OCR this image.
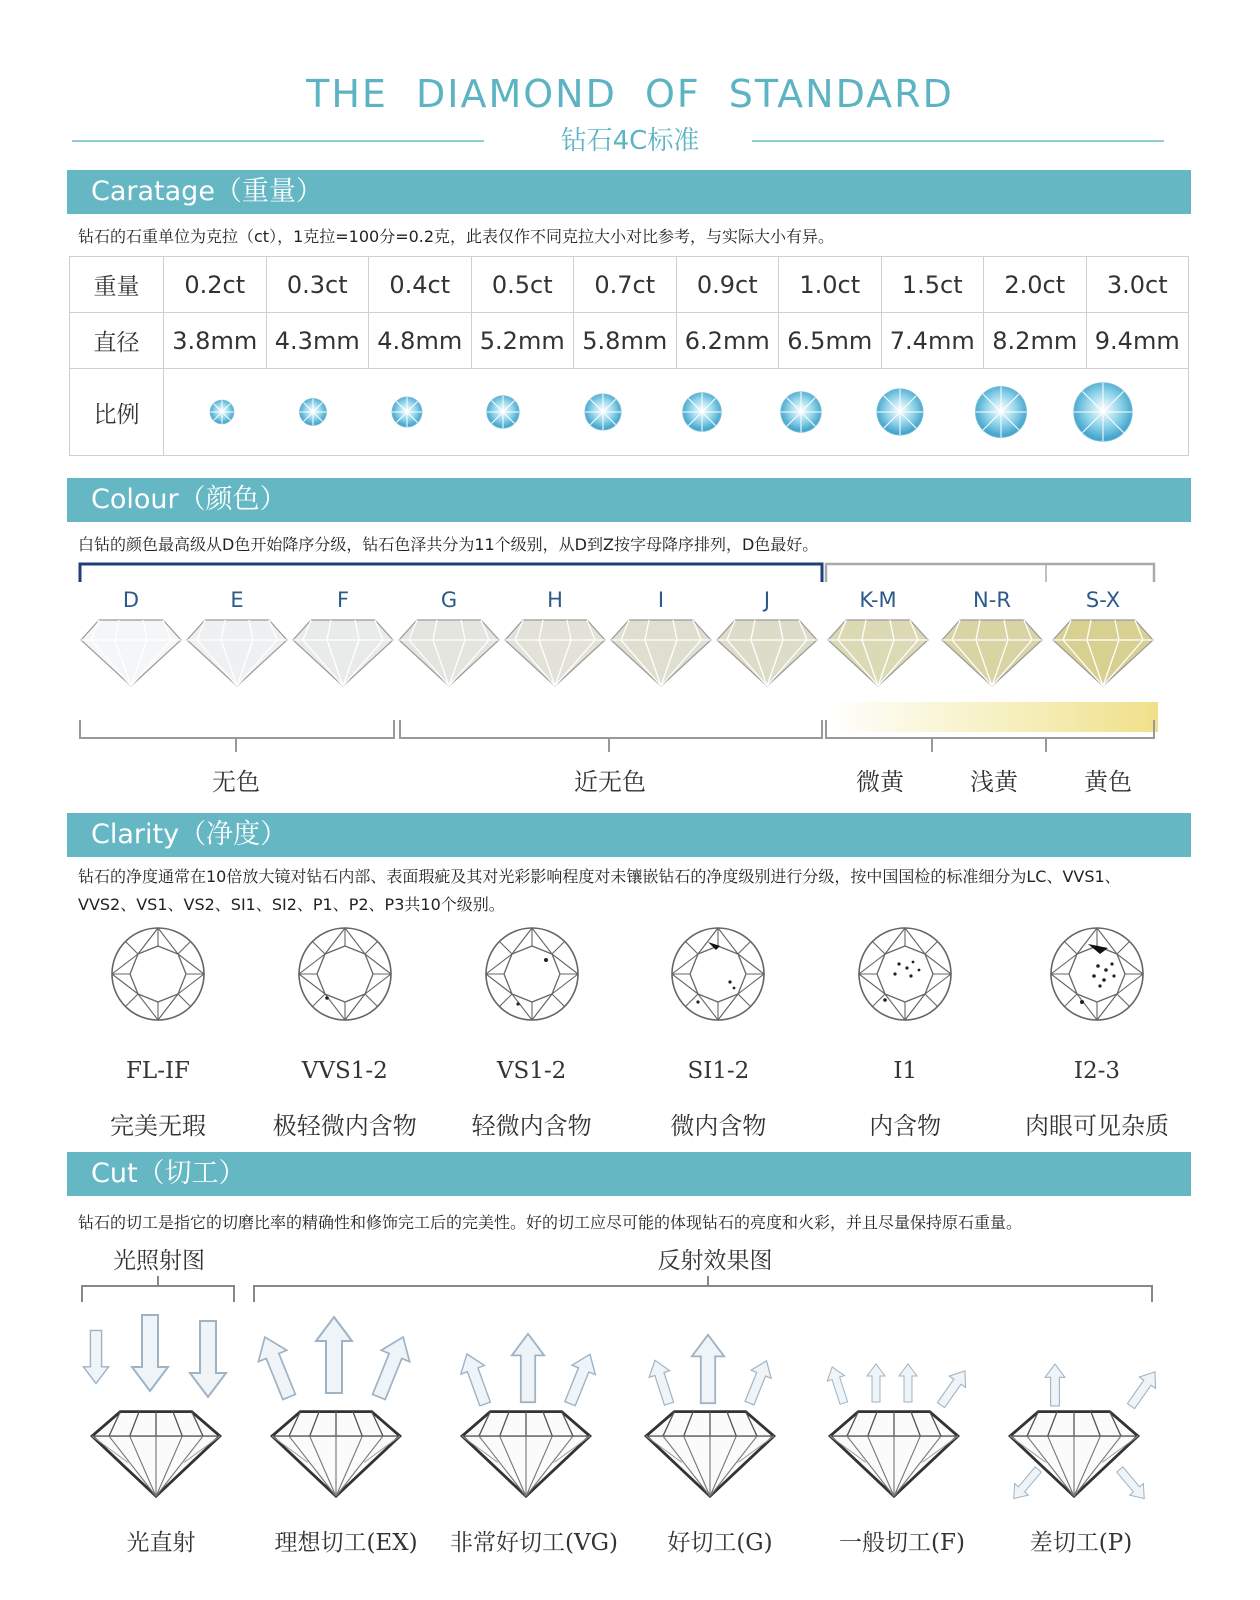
THE DIAMOND OF STANDARD
钻石4C标准
Caratage（重量）
钻石的石重单位为克拉（ct），1克拉=100分=0.2克，此表仅作不同克拉大小对比参考，与实际大小有异。
重量	0.2ct	0.3ct	0.4ct	0.5ct	0.7ct	0.9ct	1.0ct	1.5ct	2.0ct	3.0ct
直径	3.8mm	4.3mm	4.8mm	5.2mm	5.8mm	6.2mm	6.5mm	7.4mm	8.2mm	9.4mm
比例	
Colour（颜色）
白钻的颜色最高级从D色开始降序分级，钻石色泽共分为11个级别，从D到Z按字母降序排列，D色最好。
D	E	F	G	H	I	J	K-M	N-R	S-X
无色	近无色	微黄	浅黄	黄色
Clarity（净度）
钻石的净度通常在10倍放大镜对钻石内部、表面瑕疵及其对光彩影响程度对未镶嵌钻石的净度级别进行分级，按中国国检的标准细分为LC、VVS1、
VVS2、VS1、VS2、SI1、SI2、P1、P2、P3共10个级别。
FL-IF
完美无瑕
VVS1-2
极轻微内含物
VS1-2
轻微内含物
SI1-2
微内含物
I1
内含物
I2-3
肉眼可见杂质
Cut（切工）
钻石的切工是指它的切磨比率的精确性和修饰完工后的完美性。好的切工应尽可能的体现钻石的亮度和火彩，并且尽量保持原石重量。
光照射图	反射效果图
光直射	理想切工(EX)	非常好切工(VG)	好切工(G)	一般切工(F)	差切工(P)
